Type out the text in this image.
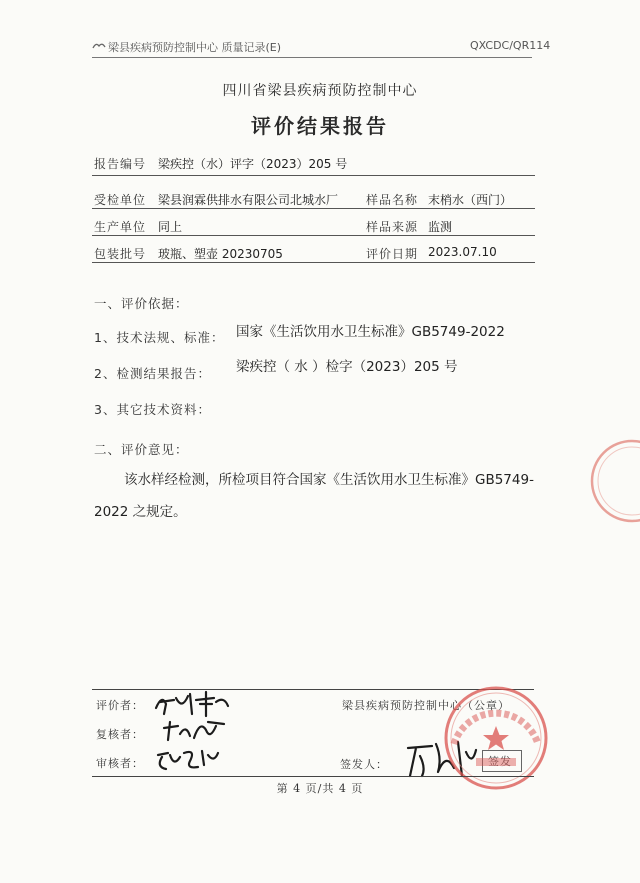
梁县疾病预防控制中心 质量记录(E)	QXCDC/QR114
四川省梁县疾病预防控制中心
评价结果报告
报告编号 梁疾控（水）评字（2023）205 号
受检单位 梁县润霖供排水有限公司北城水厂 样品名称 末梢水（西门）
生产单位 同上	样品来源 监测
包装批号 玻瓶、塑壶 20230705	评价日期 2023.07.10
一、评价依据：
1、技术法规、标准： 国家《生活饮用水卫生标准》GB5749-2022
2、检测结果报告： 梁疾控（ 水 ）检字（2023）205 号
3、其它技术资料：
二、评价意见：
该水样经检测，所检项目符合国家《生活饮用水卫生标准》GB5749-
2022 之规定。
评价者：
复核者：
审核者：
梁县疾病预防控制中心（公章）
签发人：	签发
第 4 页/共 4 页
